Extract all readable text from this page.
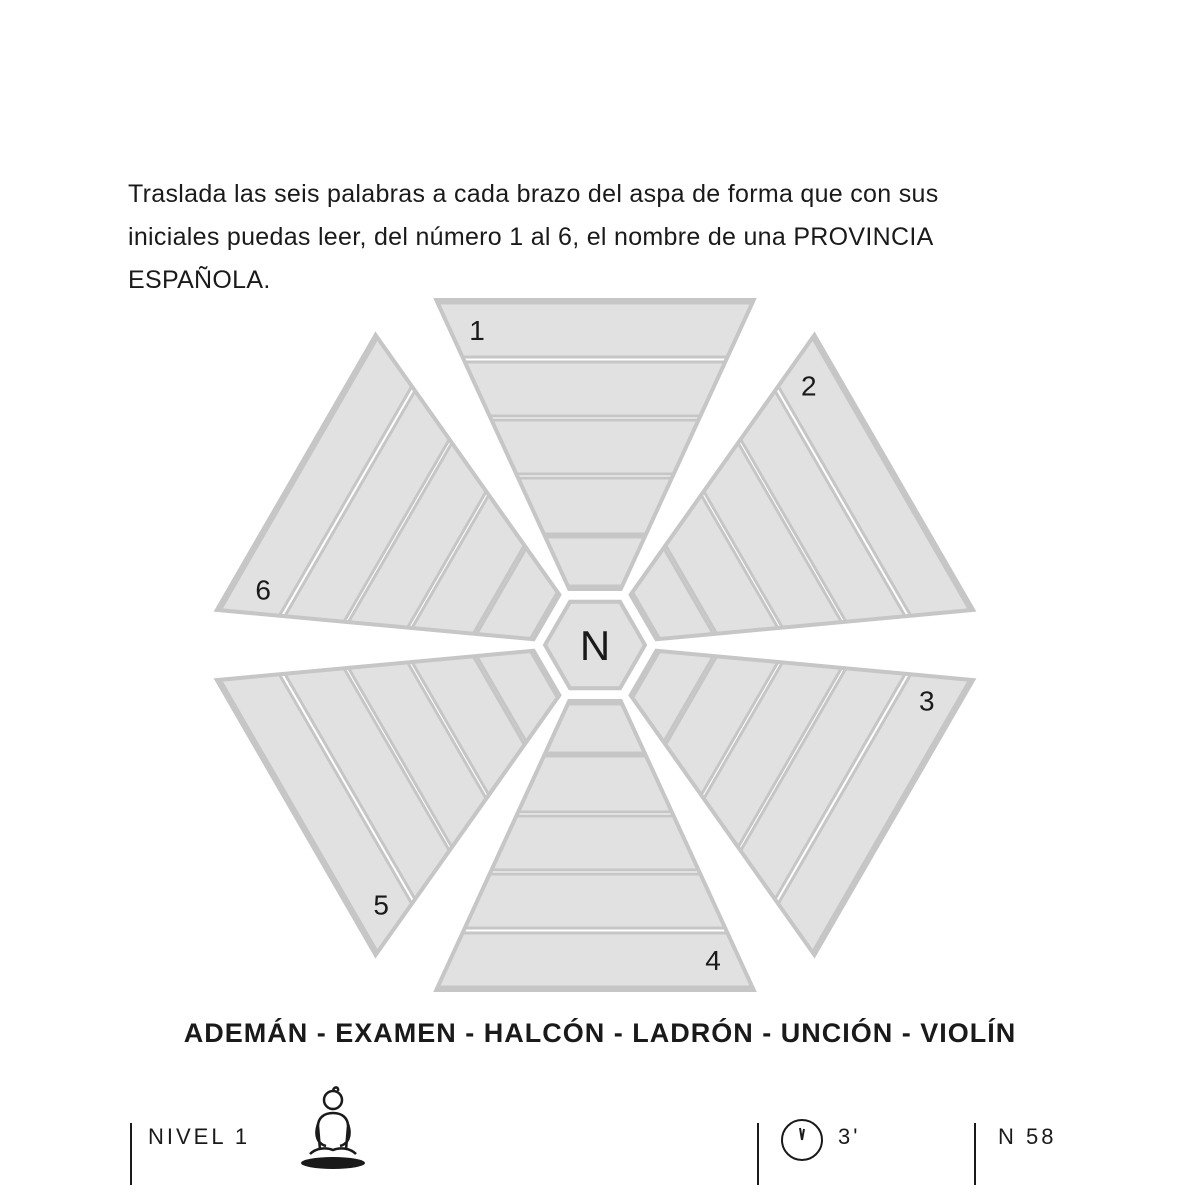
Traslada las seis palabras a cada brazo del aspa de forma que con sus iniciales puedas leer, del número 1 al 6, el nombre de una PROVINCIA ESPAÑOLA.

1
2
3
4
5
6
N
ADEMÁN - EXAMEN - HALCÓN - LADRÓN - UNCIÓN - VIOLÍN
NIVEL 1	3'	N 58
